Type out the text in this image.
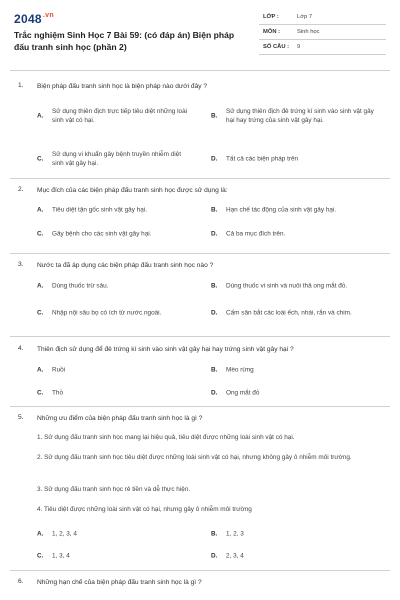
$2048^{.vn}$
Trắc nghiệm Sinh Học 7 Bài 59: (có đáp án) Biện pháp đấu tranh sinh học (phần 2)
LỚP :	Lớp 7
MÔN :	Sinh học
SỐ CÂU : 9
1. Biện pháp đấu tranh sinh học là biện pháp nào dưới đây ?
A.
Sử dụng thiên địch trực tiếp tiêu diệt những loài sinh vật có hại.
B.
Sử dụng thiên địch đẻ trứng kí sinh vào sinh vật gây hại hay trứng của sinh vật gây hại.
C.
Sử dụng vi khuẩn gây bệnh truyền nhiễm diệt sinh vật gây hại.
D. Tất cả các biện pháp trên
2. Mục đích của các biện pháp đấu tranh sinh học được sử dụng là:
A. Tiêu diệt tận gốc sinh vật gây hại.	B. Hạn chế tác động của sinh vật gây hại.
C. Gây bệnh cho các sinh vật gây hại.	D. Cả ba mục đích trên.
3. Nước ta đã áp dụng các biện pháp đấu tranh sinh học nào ?
A. Dùng thuốc trừ sâu.	B. Dùng thuốc vi sinh và nuôi thả ong mắt đỏ.
C. Nhập nội sâu bọ có ích từ nước ngoài.	D. Cấm săn bắt các loài ếch, nhái, rắn và chim.
4. Thiên địch sử dụng để đẻ trứng kí sinh vào sinh vật gây hại hay trứng sinh vật gây hại ?
A. Ruồi	B. Mèo rừng
C. Thỏ	D. Ong mắt đỏ
5. Những ưu điểm của biện pháp đấu tranh sinh học là gì ?
1. Sử dụng đấu tranh sinh học mang lại hiệu quả, tiêu diệt được những loài sinh vật có hại.
2. Sử dụng đấu tranh sinh học tiêu diệt được những loài sinh vật có hại, nhưng không gây ô nhiễm môi trường.
3. Sử dụng đấu tranh sinh học rẻ tiền và dễ thực hiện.
4. Tiêu diệt được những loài sinh vật có hại, nhưng gây ô nhiễm môi trường
A. 1, 2, 3, 4	B. 1, 2, 3
C. 1, 3, 4	D. 2, 3, 4
6. Những hạn chế của biện pháp đấu tranh sinh học là gì ?
